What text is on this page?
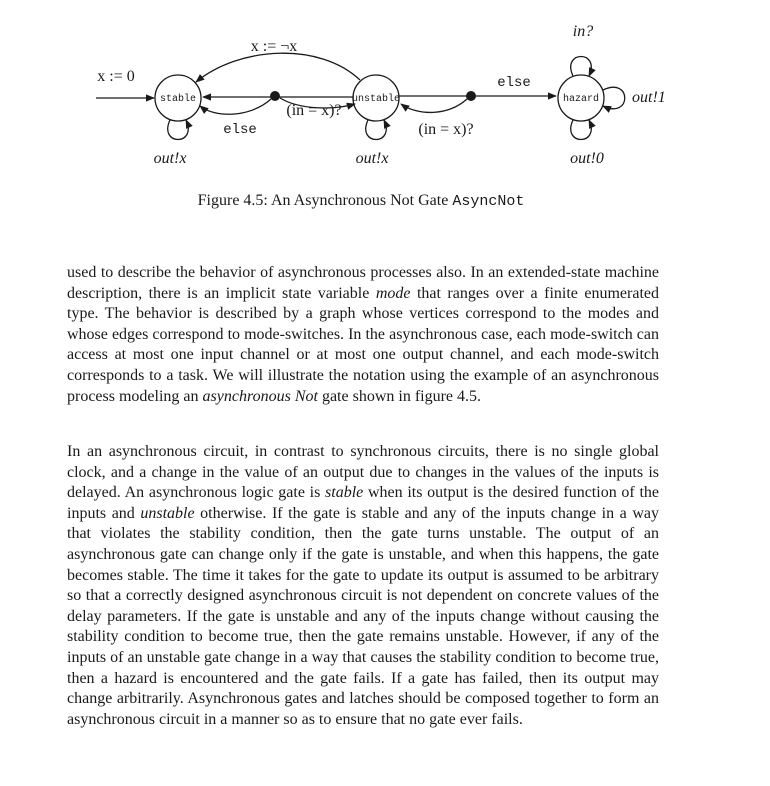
stable	unstable	hazard
x := 0
x := ¬x
else
(in = x)?
(in = x)?
else
in?
out!x	out!x	out!0
out!1
Figure 4.5: An Asynchronous Not Gate AsyncNot

used to describe the behavior of asynchronous processes also. In an extended-state machine description, there is an implicit state variable mode that ranges over a finite enumerated type. The behavior is described by a graph whose vertices correspond to the modes and whose edges correspond to mode-switches. In the asynchronous case, each mode-switch can access at most one input channel or at most one output channel, and each mode-switch corresponds to a task. We will illustrate the notation using the example of an asynchronous process modeling an asynchronous Not gate shown in figure 4.5.

In an asynchronous circuit, in contrast to synchronous circuits, there is no single global clock, and a change in the value of an output due to changes in the values of the inputs is delayed. An asynchronous logic gate is stable when its output is the desired function of the inputs and unstable otherwise. If the gate is stable and any of the inputs change in a way that violates the stability condition, then the gate turns unstable. The output of an asynchronous gate can change only if the gate is unstable, and when this happens, the gate becomes stable. The time it takes for the gate to update its output is assumed to be arbitrary so that a correctly designed asynchronous circuit is not dependent on concrete values of the delay parameters. If the gate is unstable and any of the inputs change without causing the stability condition to become true, then the gate remains unstable. However, if any of the inputs of an unstable gate change in a way that causes the stability condition to become true, then a hazard is encountered and the gate fails. If a gate has failed, then its output may change arbitrarily. Asynchronous gates and latches should be composed together to form an asynchronous circuit in a manner so as to ensure that no gate ever fails.
